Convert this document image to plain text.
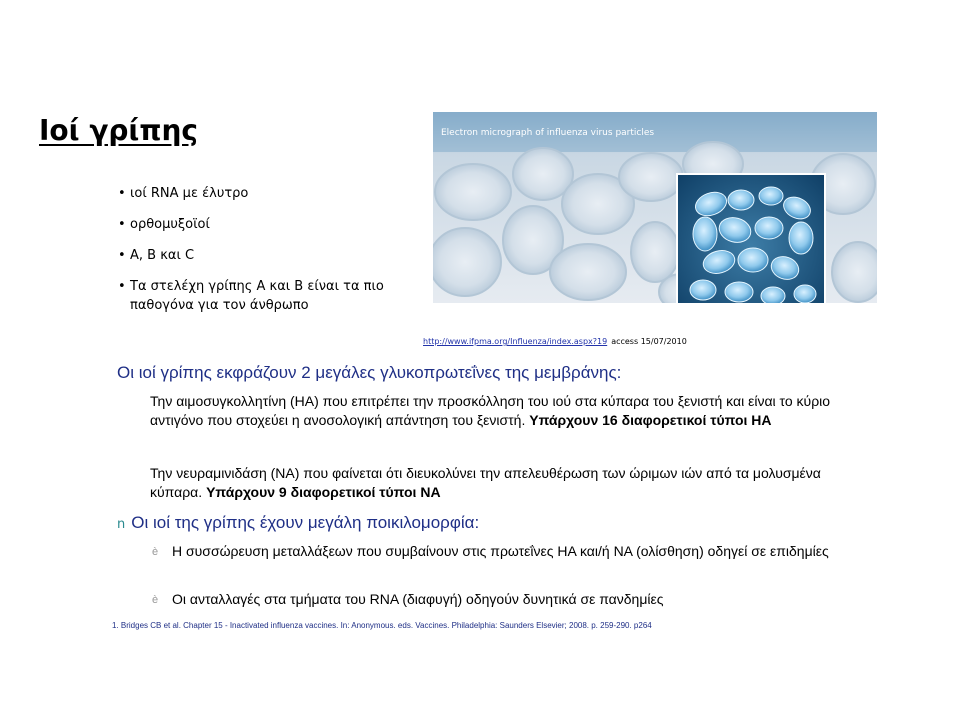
Ιοί γρίπης
• ιοί RNA με έλυτρο
• ορθομυξοϊοί
• A, B και C
• Τα στελέχη γρίπης Α και Β είναι τα πιο παθογόνα για τον άνθρωπο
Electron micrograph of influenza virus particles
http://www.ifpma.org/Influenza/index.aspx?19 access 15/07/2010
Οι ιοί γρίπης εκφράζουν 2 μεγάλες γλυκοπρωτεΐνες της μεμβράνης:

Την αιμοσυγκολλητίνη (ΗΑ) που επιτρέπει την προσκόλληση του ιού στα κύπαρα του ξενιστή και είναι το κύριο αντιγόνο που στοχεύει η ανοσολογική απάντηση του ξενιστή. Υπάρχουν 16 διαφορετικοί τύποι ΗΑ

Την νευραμινιδάση (ΝΑ) που φαίνεται ότι διευκολύνει την απελευθέρωση των ώριμων ιών από τα μολυσμένα κύπαρα. Υπάρχουν 9 διαφορετικοί τύποι ΝΑ

n Οι ιοί της γρίπης έχουν μεγάλη ποικιλομορφία:
è Η συσσώρευση μεταλλάξεων που συμβαίνουν στις πρωτεΐνες ΗΑ και/ή ΝΑ (ολίσθηση) οδηγεί σε επιδημίες
è Οι ανταλλαγές στα τμήματα του RNA (διαφυγή) οδηγούν δυνητικά σε πανδημίες
1. Bridges CB et al. Chapter 15 - Inactivated influenza vaccines. In: Anonymous. eds. Vaccines. Philadelphia: Saunders Elsevier; 2008. p. 259-290. p264
